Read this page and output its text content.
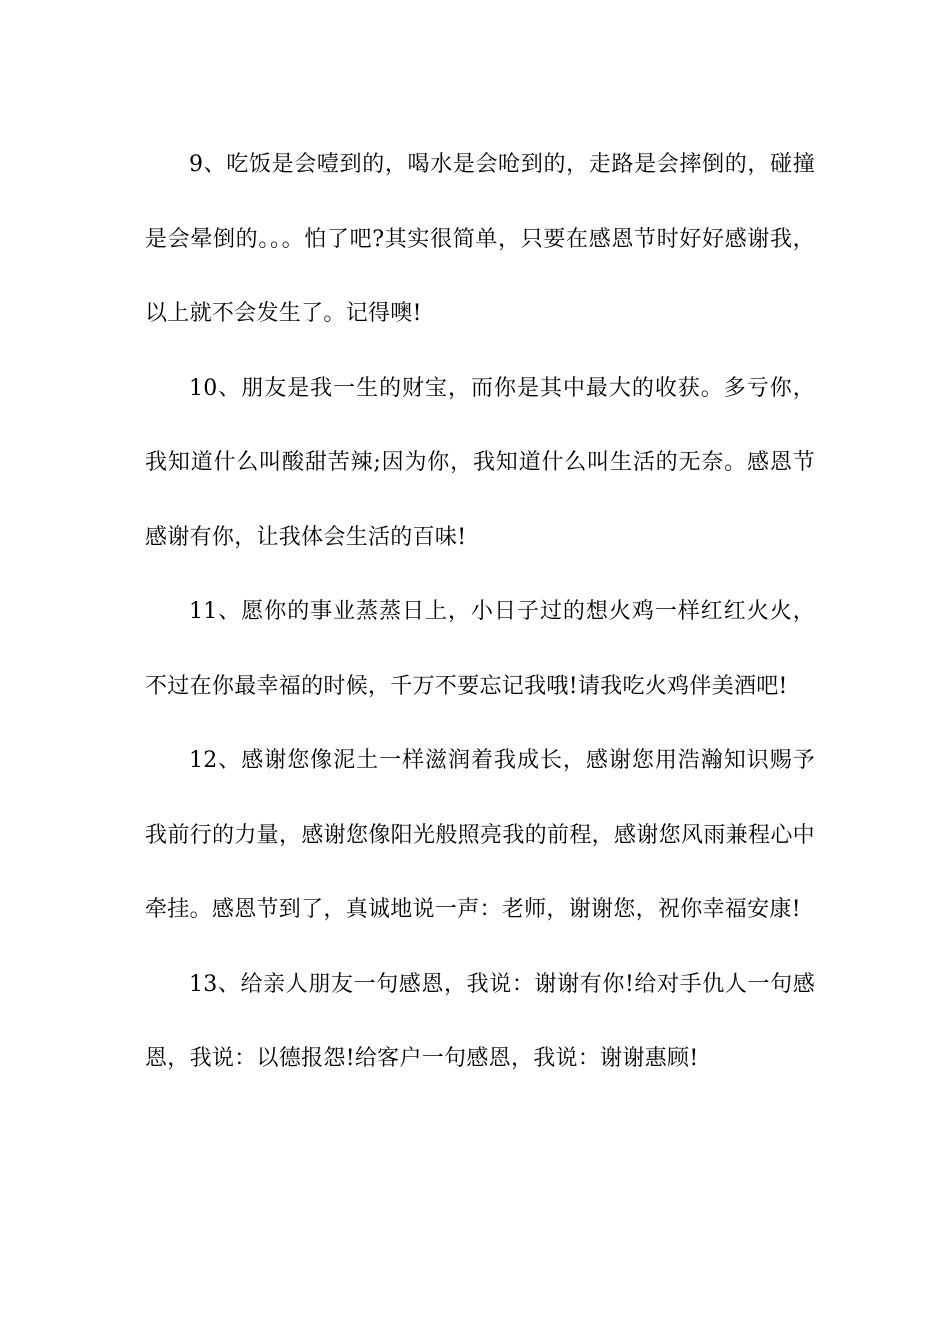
9、吃饭是会噎到的，喝水是会呛到的，走路是会摔倒的，碰撞是会晕倒的。。。怕了吧?其实很简单，只要在感恩节时好好感谢我，以上就不会发生了。记得噢!

10、朋友是我一生的财宝，而你是其中最大的收获。多亏你，我知道什么叫酸甜苦辣;因为你，我知道什么叫生活的无奈。感恩节感谢有你，让我体会生活的百味!

11、愿你的事业蒸蒸日上，小日子过的想火鸡一样红红火火，不过在你最幸福的时候，千万不要忘记我哦!请我吃火鸡伴美酒吧!

12、感谢您像泥土一样滋润着我成长，感谢您用浩瀚知识赐予我前行的力量，感谢您像阳光般照亮我的前程，感谢您风雨兼程心中牵挂。感恩节到了，真诚地说一声：老师，谢谢您，祝你幸福安康!

13、给亲人朋友一句感恩，我说：谢谢有你!给对手仇人一句感恩，我说：以德报怨!给客户一句感恩，我说：谢谢惠顾!
